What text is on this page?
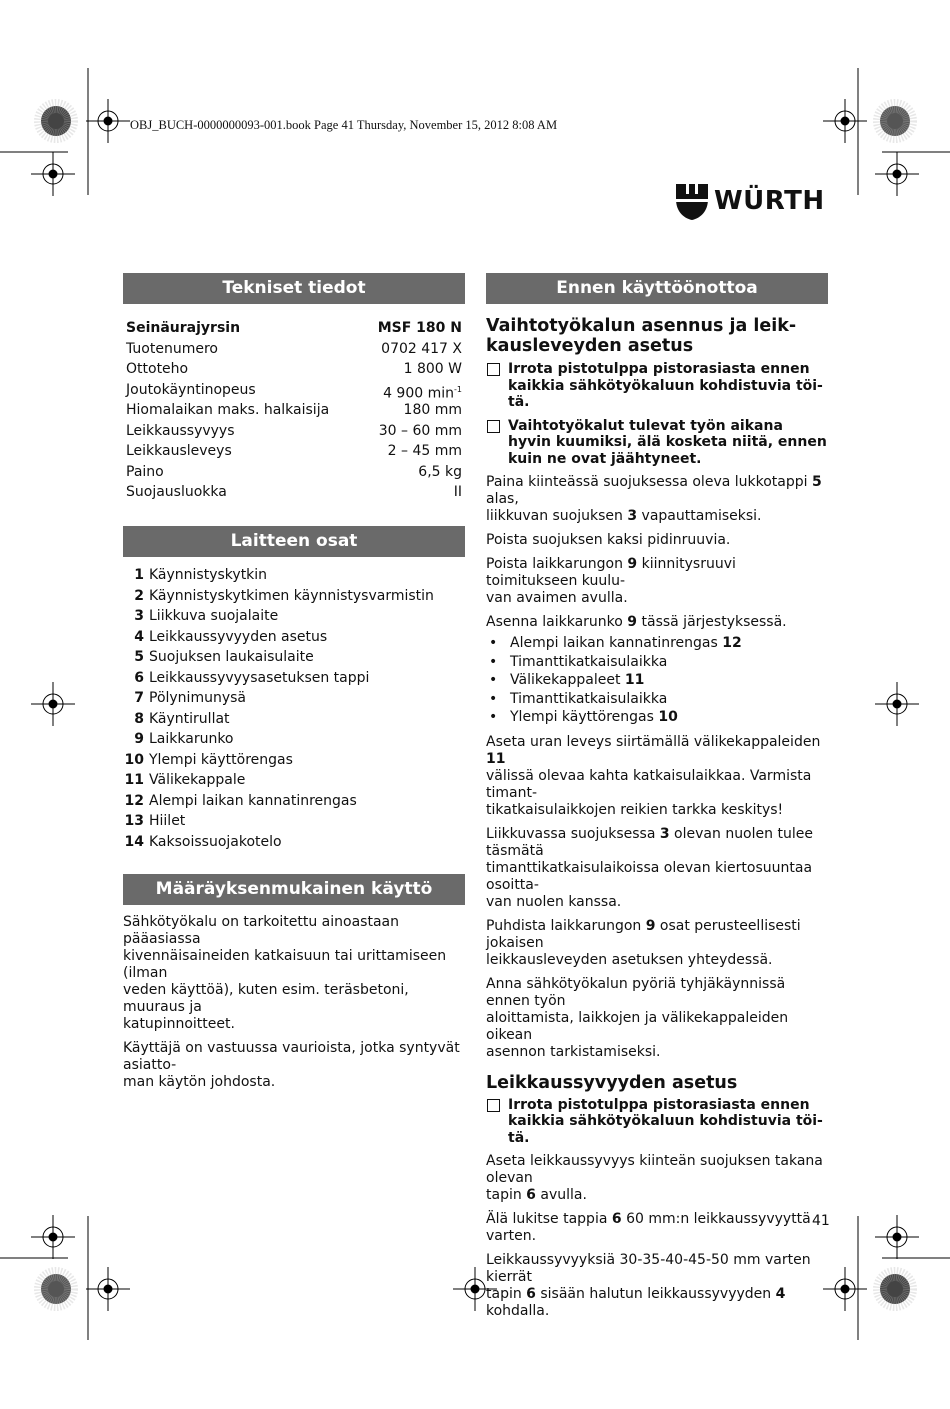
OBJ_BUCH-0000000093-001.book Page 41 Thursday, November 15, 2012 8:08 AM
WÜRTH
Tekniset tiedot
Seinäurajyrsin	MSF 180 N
Tuotenumero	0702 417 X
Ottoteho	1 800 W
Joutokäyntinopeus	4 900 $\min^{-1}$
Hiomalaikan maks. halkaisija	180 mm
Leikkaussyvyys	30 – 60 mm
Leikkausleveys	2 – 45 mm
Paino	6,5 kg
Suojausluokka	II
Laitteen osat
1 Käynnistyskytkin
2 Käynnistyskytkimen käynnistysvarmistin
3 Liikkuva suojalaite
4 Leikkaussyvyyden asetus
5 Suojuksen laukaisulaite
6 Leikkaussyvyysasetuksen tappi
7 Pölynimunysä
8 Käyntirullat
9 Laikkarunko
10 Ylempi käyttörengas
11 Välikekappale
12 Alempi laikan kannatinrengas
13 Hiilet
14 Kaksoissuojakotelo
Määräyksenmukainen käyttö

Sähkötyökalu on tarkoitettu ainoastaan pääasiassa
kivennäisaineiden katkaisuun tai urittamiseen (ilman
veden käyttöä), kuten esim. teräsbetoni, muuraus ja
katupinnoitteet.

Käyttäjä on vastuussa vaurioista, jotka syntyvät asiatto-
man käytön johdosta.

Ennen käyttöönottoa
Vaihtotyökalun asennus ja leik-
kausleveyden asetus
Irrota pistotulppa pistorasiasta ennen
kaikkia sähkötyökaluun kohdistuvia töi-
tä.
Vaihtotyökalut tulevat työn aikana
hyvin kuumiksi, älä kosketa niitä, ennen
kuin ne ovat jäähtyneet.

Paina kiinteässä suojuksessa oleva lukkotappi 5 alas,
liikkuvan suojuksen 3 vapauttamiseksi.

Poista suojuksen kaksi pidinruuvia.

Poista laikkarungon 9 kiinnitysruuvi toimitukseen kuulu-
van avaimen avulla.

Asenna laikkarunko 9 tässä järjestyksessä.

• Alempi laikan kannatinrengas 12
• Timanttikatkaisulaikka
• Välikekappaleet 11
• Timanttikatkaisulaikka
• Ylempi käyttörengas 10

Aseta uran leveys siirtämällä välikekappaleiden 11
välissä olevaa kahta katkaisulaikkaa. Varmista timant-
tikatkaisulaikkojen reikien tarkka keskitys!

Liikkuvassa suojuksessa 3 olevan nuolen tulee täsmätä
timanttikatkaisulaikoissa olevan kiertosuuntaa osoitta-
van nuolen kanssa.

Puhdista laikkarungon 9 osat perusteellisesti jokaisen
leikkausleveyden asetuksen yhteydessä.

Anna sähkötyökalun pyöriä tyhjäkäynnissä ennen työn
aloittamista, laikkojen ja välikekappaleiden oikean
asennon tarkistamiseksi.

Leikkaussyvyyden asetus
Irrota pistotulppa pistorasiasta ennen
kaikkia sähkötyökaluun kohdistuvia töi-
tä.

Aseta leikkaussyvyys kiinteän suojuksen takana olevan
tapin 6 avulla.

Älä lukitse tappia 6 60 mm:n leikkaussyvyyttä varten.

Leikkaussyvyyksiä 30-35-40-45-50 mm varten kierrät
tapin 6 sisään halutun leikkaussyvyyden 4 kohdalla.

41
